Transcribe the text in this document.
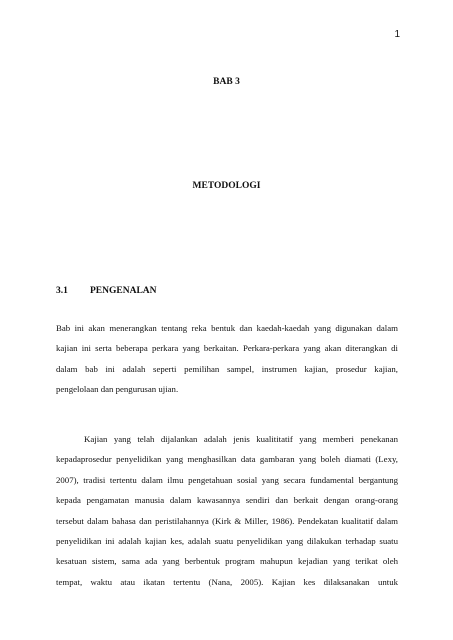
1
BAB 3
METODOLOGI
3.1 PENGENALAN
Bab ini akan menerangkan tentang reka bentuk dan kaedah-kaedah yang digunakan dalam
kajian ini serta beberapa perkara yang berkaitan. Perkara-perkara yang akan diterangkan di
dalam bab ini adalah seperti pemilihan sampel, instrumen kajian, prosedur kajian,
pengelolaan dan pengurusan ujian.
Kajian yang telah dijalankan adalah jenis kualititatif yang memberi penekanan
kepadaprosedur penyelidikan yang menghasilkan data gambaran yang boleh diamati (Lexy,
2007), tradisi tertentu dalam ilmu pengetahuan sosial yang secara fundamental bergantung
kepada pengamatan manusia dalam kawasannya sendiri dan berkait dengan orang-orang
tersebut dalam bahasa dan peristilahannya (Kirk & Miller, 1986). Pendekatan kualitatif dalam
penyelidikan ini adalah kajian kes, adalah suatu penyelidikan yang dilakukan terhadap suatu
kesatuan sistem, sama ada yang berbentuk program mahupun kejadian yang terikat oleh
tempat, waktu atau ikatan tertentu (Nana, 2005). Kajian kes dilaksanakan untuk
